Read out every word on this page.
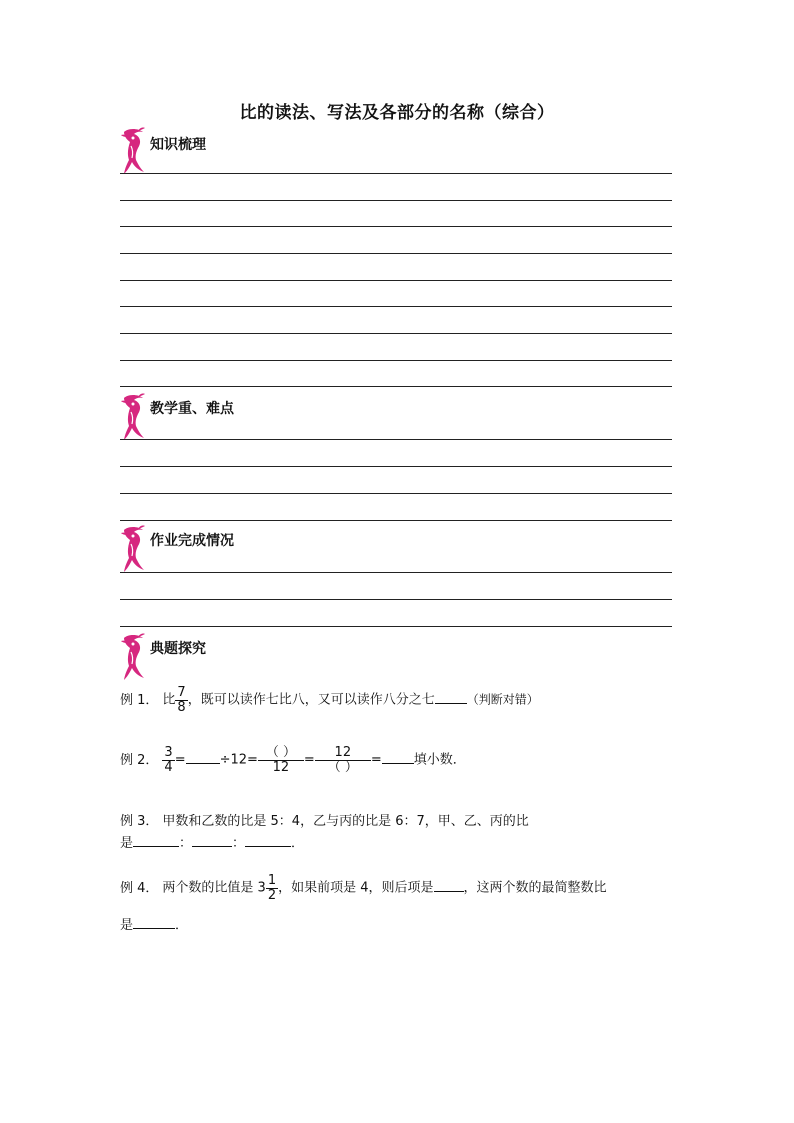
比的读法、写法及各部分的名称（综合）
知识梳理
教学重、难点
作业完成情况
典题探究
例 1． 比 $\frac{7}{8}$ ，既可以读作七比八，又可以读作八分之七	（判断对错）
例 2． $\frac{3}{4}$ =	$\div 12= \frac{( )}{12} = \frac{12}{( )}$ = 填小数．
例 3． 甲数和乙数的比是 5：4，乙与丙的比是 6：7，甲、乙、丙的比
是	：	：	．
例 4． 两个数的比值是 $3 \frac{1}{2}$ ，如果前项是 4，则后项是 ，这两个数的最简整数比
是	．
